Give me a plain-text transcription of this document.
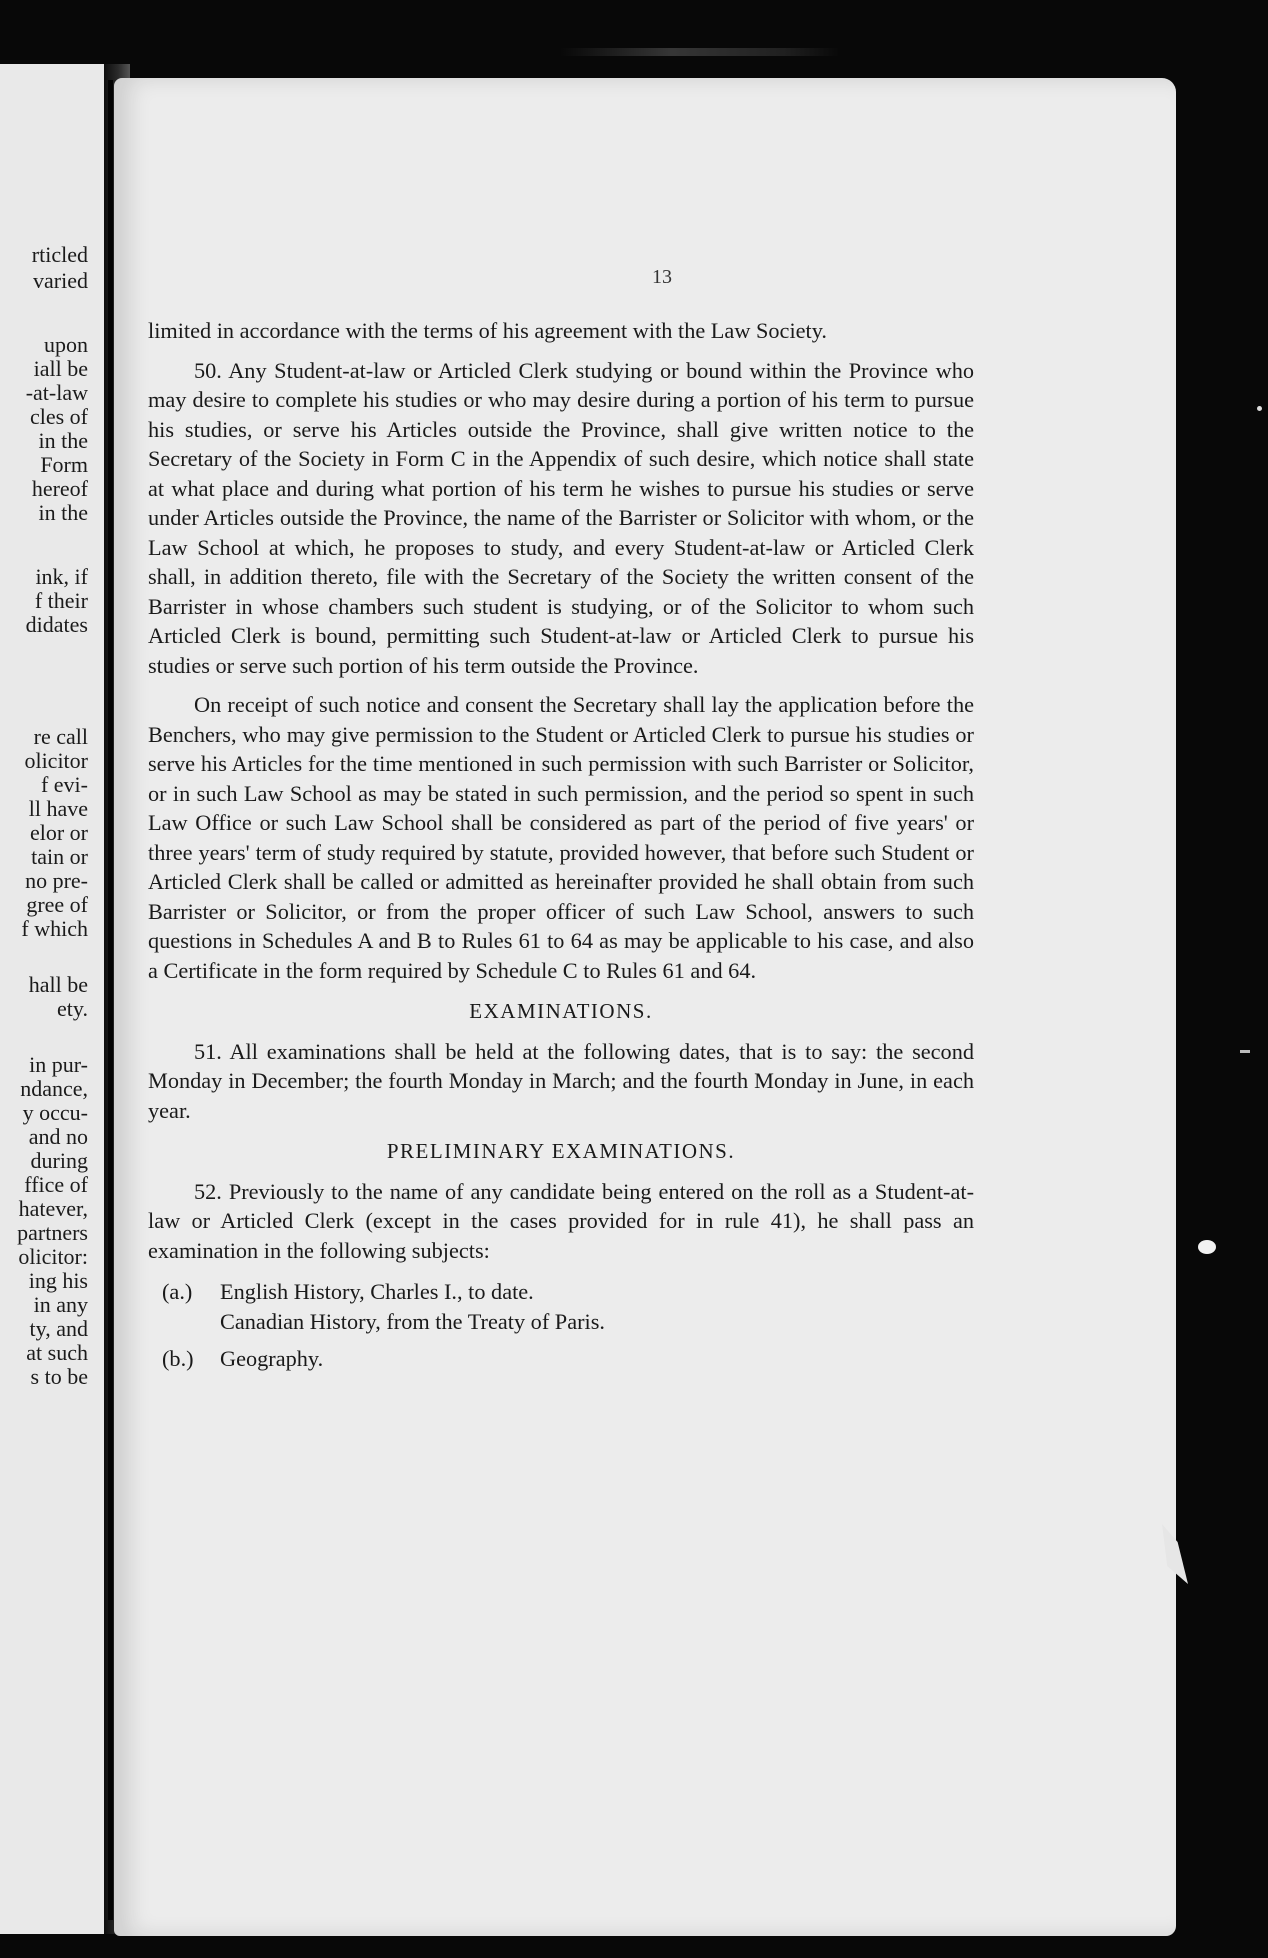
rticled

varied

upon

iall be

-at-law

cles of

in the

Form

hereof

in the

ink, if

f their

didates

re call

olicitor

f evi-

ll have

elor or

tain or

no pre-

gree of

f which

hall be

ety.

in pur-

ndance,

y occu-

and no

during

ffice of

hatever,

partners

olicitor:

ing his

in any

ty, and

at such

s to be

13

limited in accordance with the terms of his agreement with the Law Society.

50. Any Student-at-law or Articled Clerk studying or bound within the Province who may desire to complete his studies or who may desire during a portion of his term to pursue his studies, or serve his Articles outside the Province, shall give written notice to the Secretary of the Society in Form C in the Appendix of such desire, which notice shall state at what place and during what portion of his term he wishes to pursue his studies or serve under Articles outside the Province, the name of the Barrister or Solicitor with whom, or the Law School at which, he proposes to study, and every Student-at-law or Articled Clerk shall, in addition thereto, file with the Secretary of the Society the written consent of the Barrister in whose chambers such student is studying, or of the Solicitor to whom such Articled Clerk is bound, permitting such Student-at-law or Articled Clerk to pursue his studies or serve such portion of his term outside the Province.

On receipt of such notice and consent the Secretary shall lay the application before the Benchers, who may give permission to the Student or Articled Clerk to pursue his studies or serve his Articles for the time mentioned in such permission with such Barrister or Solicitor, or in such Law School as may be stated in such permission, and the period so spent in such Law Office or such Law School shall be considered as part of the period of five years' or three years' term of study required by statute, provided however, that before such Student or Articled Clerk shall be called or admitted as hereinafter provided he shall obtain from such Barrister or Solicitor, or from the proper officer of such Law School, answers to such questions in Schedules A and B to Rules 61 to 64 as may be applicable to his case, and also a Certificate in the form required by Schedule C to Rules 61 and 64.

EXAMINATIONS.

51. All examinations shall be held at the following dates, that is to say: the second Monday in December; the fourth Monday in March; and the fourth Monday in June, in each year.

PRELIMINARY EXAMINATIONS.

52. Previously to the name of any candidate being entered on the roll as a Student-at-law or Articled Clerk (except in the cases provided for in rule 41), he shall pass an examination in the following subjects:

(a.)	English History, Charles I., to date.
Canadian History, from the Treaty of Paris.
(b.)	Geography.
